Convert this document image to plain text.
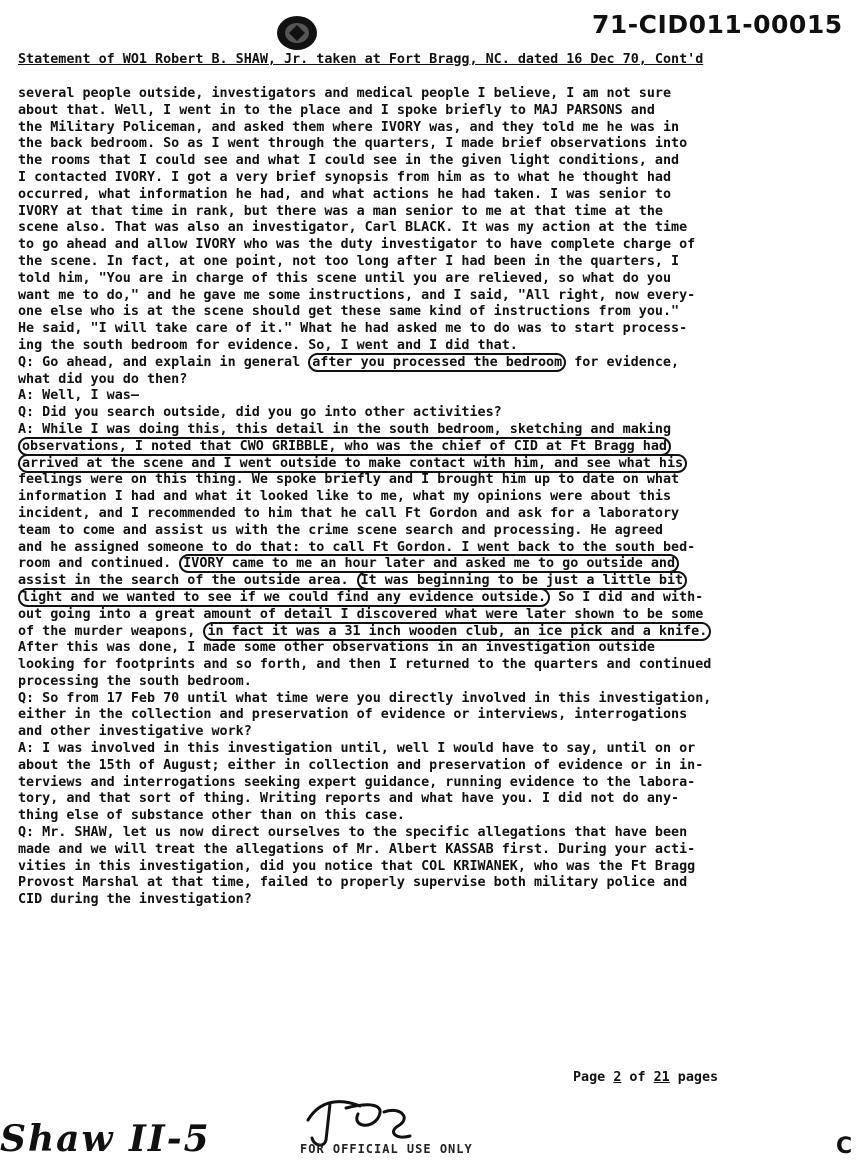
71-CID011-00015
Statement of WO1 Robert B. SHAW, Jr. taken at Fort Bragg, NC. dated 16 Dec 70, Cont'd
several people outside, investigators and medical people I believe, I am not sure
about that. Well, I went in to the place and I spoke briefly to MAJ PARSONS and
the Military Policeman, and asked them where IVORY was, and they told me he was in
the back bedroom. So as I went through the quarters, I made brief observations into
the rooms that I could see and what I could see in the given light conditions, and
I contacted IVORY. I got a very brief synopsis from him as to what he thought had
occurred, what information he had, and what actions he had taken. I was senior to
IVORY at that time in rank, but there was a man senior to me at that time at the
scene also. That was also an investigator, Carl BLACK. It was my action at the time
to go ahead and allow IVORY who was the duty investigator to have complete charge of
the scene. In fact, at one point, not too long after I had been in the quarters, I
told him, "You are in charge of this scene until you are relieved, so what do you
want me to do," and he gave me some instructions, and I said, "All right, now every-
one else who is at the scene should get these same kind of instructions from you."
He said, "I will take care of it." What he had asked me to do was to start process-
ing the south bedroom for evidence. So, I went and I did that.
Q: Go ahead, and explain in general after you processed the bedroom for evidence,
what did you do then?
A: Well, I was—
Q: Did you search outside, did you go into other activities?
A: While I was doing this, this detail in the south bedroom, sketching and making
observations, I noted that CWO GRIBBLE, who was the chief of CID at Ft Bragg had
arrived at the scene and I went outside to make contact with him, and see what his
feelings were on this thing. We spoke briefly and I brought him up to date on what
information I had and what it looked like to me, what my opinions were about this
incident, and I recommended to him that he call Ft Gordon and ask for a laboratory
team to come and assist us with the crime scene search and processing. He agreed
and he assigned someone to do that: to call Ft Gordon. I went back to the south bed-
room and continued. IVORY came to me an hour later and asked me to go outside and
assist in the search of the outside area. It was beginning to be just a little bit
light and we wanted to see if we could find any evidence outside. So I did and with-
out going into a great amount of detail I discovered what were later shown to be some
of the murder weapons, in fact it was a 31 inch wooden club, an ice pick and a knife.
After this was done, I made some other observations in an investigation outside
looking for footprints and so forth, and then I returned to the quarters and continued
processing the south bedroom.
Q: So from 17 Feb 70 until what time were you directly involved in this investigation,
either in the collection and preservation of evidence or interviews, interrogations
and other investigative work?
A: I was involved in this investigation until, well I would have to say, until on or
about the 15th of August; either in collection and preservation of evidence or in in-
terviews and interrogations seeking expert guidance, running evidence to the labora-
tory, and that sort of thing. Writing reports and what have you. I did not do any-
thing else of substance other than on this case.
Q: Mr. SHAW, let us now direct ourselves to the specific allegations that have been
made and we will treat the allegations of Mr. Albert KASSAB first. During your acti-
vities in this investigation, did you notice that COL KRIWANEK, who was the Ft Bragg
Provost Marshal at that time, failed to properly supervise both military police and
CID during the investigation?
Page 2 of 21 pages
Shaw II-5	FOR OFFICIAL USE ONLY	C
